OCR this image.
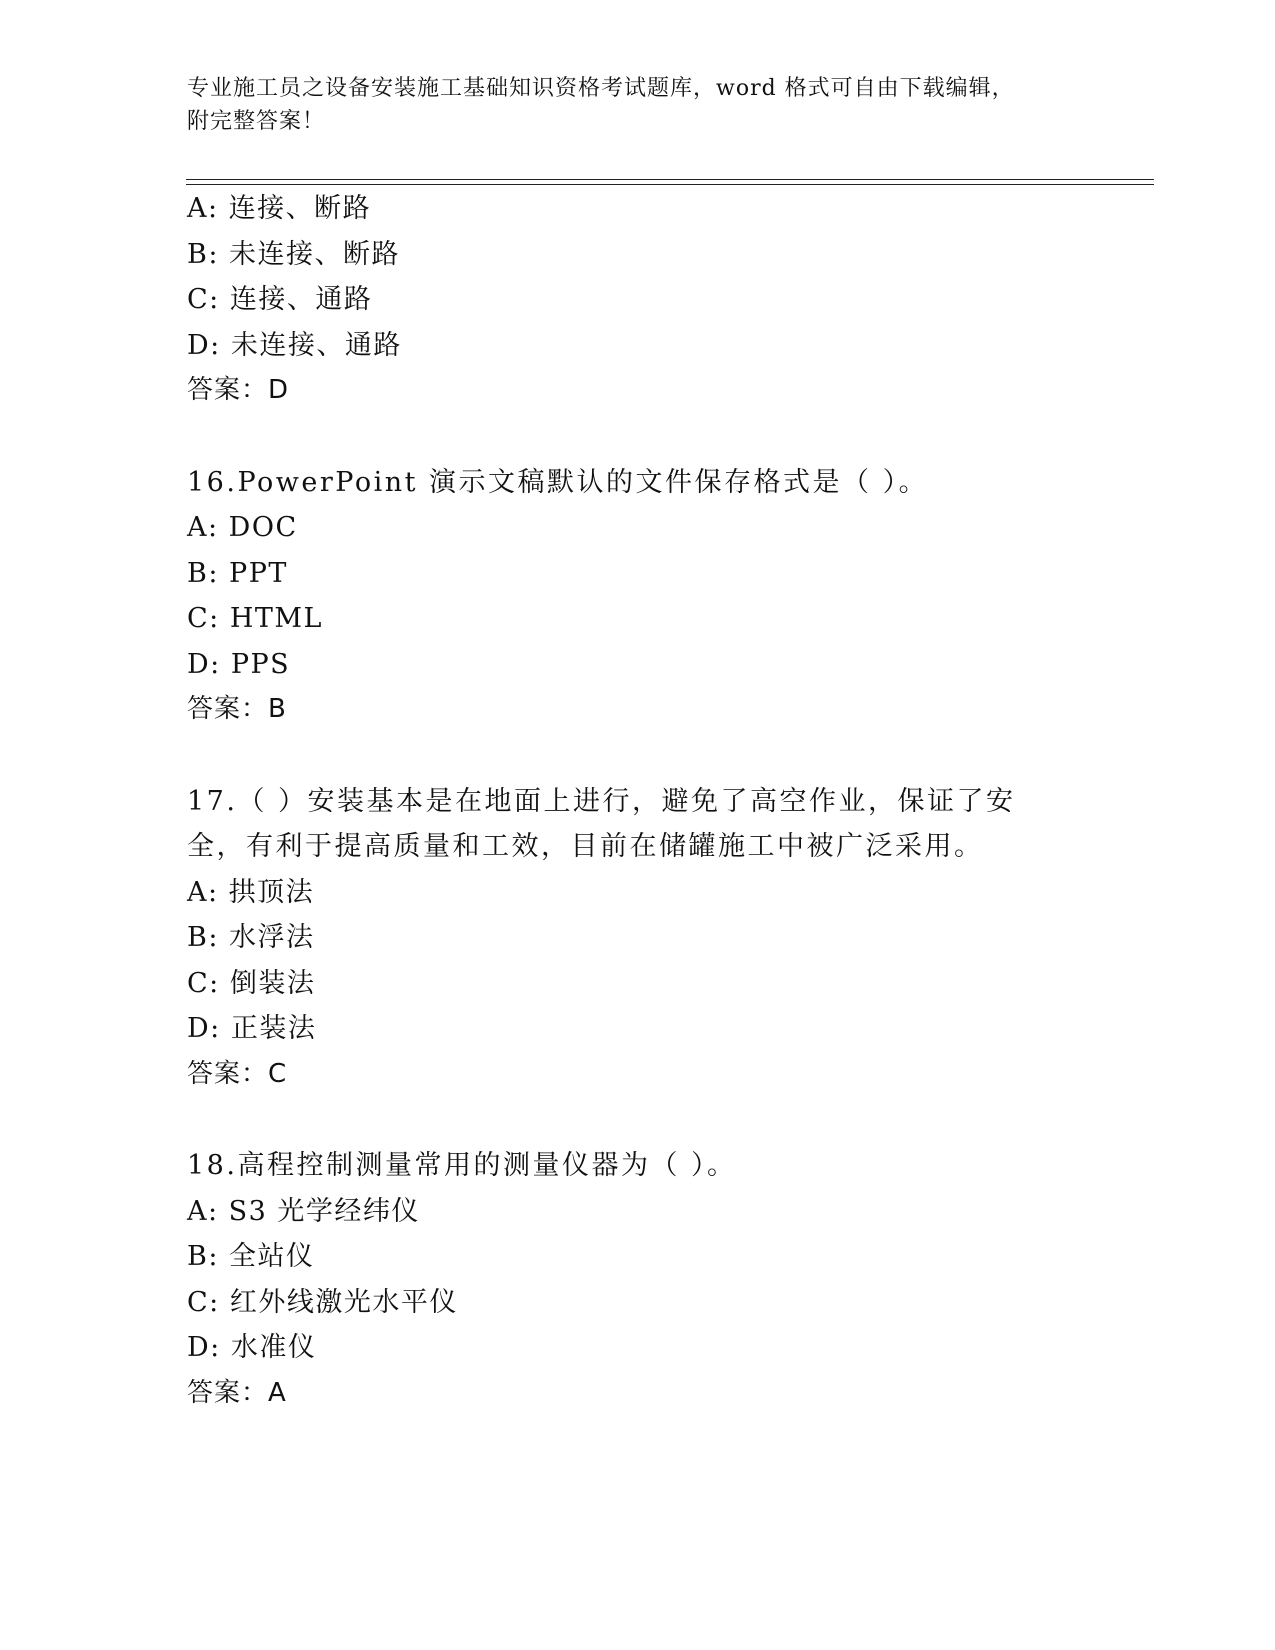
专业施工员之设备安装施工基础知识资格考试题库，word 格式可自由下载编辑，
附完整答案！
A: 连接、断路
B: 未连接、断路
C: 连接、通路
D: 未连接、通路
答案：D
16.PowerPoint 演示文稿默认的文件保存格式是（ ）。
A: DOC
B: PPT
C: HTML
D: PPS
答案：B
17.（ ）安装基本是在地面上进行，避免了高空作业，保证了安全，有利于提高质量和工效，目前在储罐施工中被广泛采用。
A: 拱顶法
B: 水浮法
C: 倒装法
D: 正装法
答案：C
18.高程控制测量常用的测量仪器为（ ）。
A: S3 光学经纬仪
B: 全站仪
C: 红外线激光水平仪
D: 水准仪
答案：A
